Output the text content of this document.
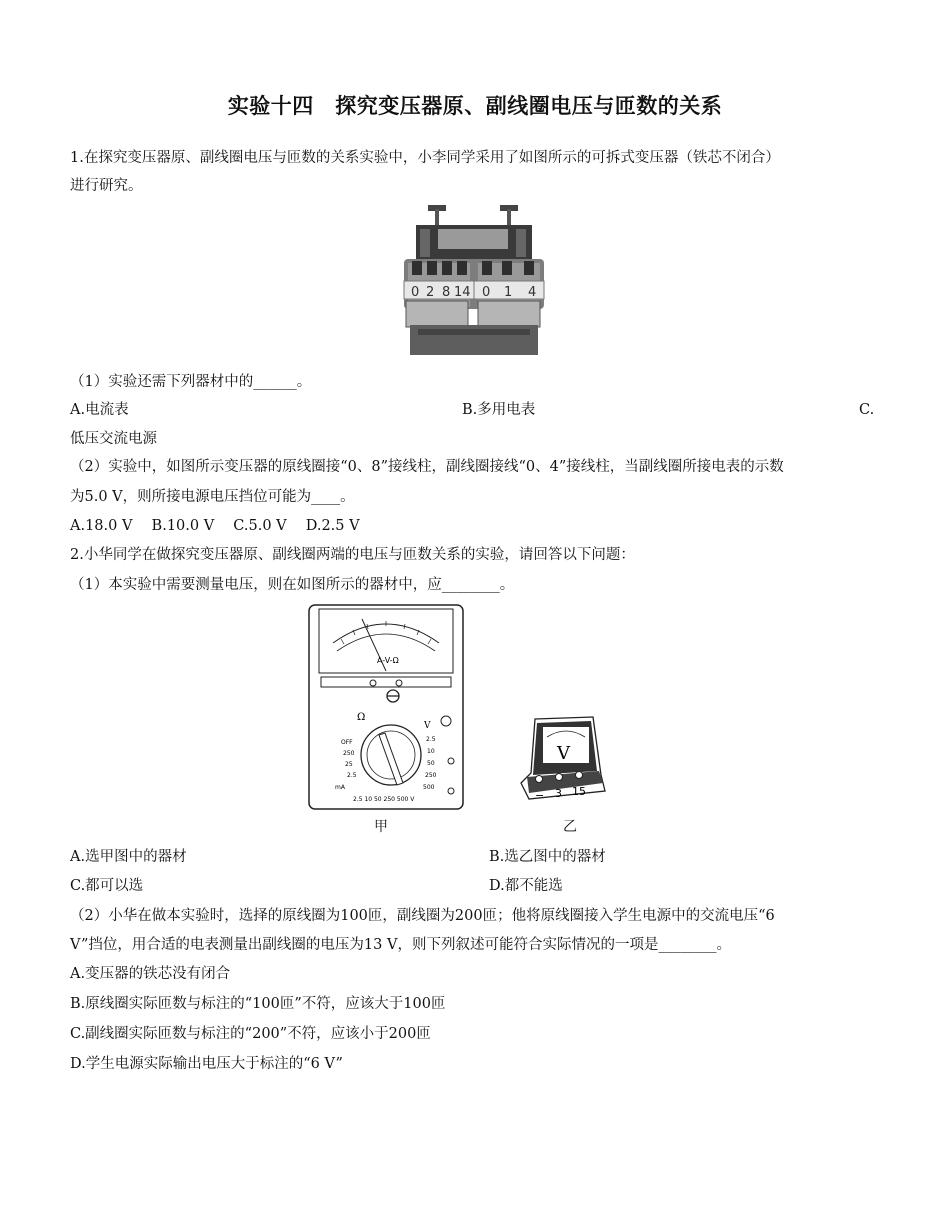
实验十四　探究变压器原、副线圈电压与匝数的关系
1.在探究变压器原、副线圈电压与匝数的关系实验中，小李同学采用了如图所示的可拆式变压器（铁芯不闭合）
进行研究。
0 2 8 14 0 1 4
（1）实验还需下列器材中的______。
A.电流表	B.多用电表	C.
低压交流电源
（2）实验中，如图所示变压器的原线圈接“0、8”接线柱，副线圈接线“0、4”接线柱，当副线圈所接电表的示数
为5.0 V，则所接电源电压挡位可能为____。
A.18.0 V　 B.10.0 V　 C.5.0 V　 D.2.5 V
2.小华同学在做探究变压器原、副线圈两端的电压与匝数关系的实验，请回答以下问题：
（1）本实验中需要测量电压，则在如图所示的器材中，应________。
A-V-Ω
Ω
V
OFF
250
25
2.5
2.5
10
50
250
500
mA
2.5 10 50 250 500 V
甲
V
− 3 15
乙
A.选甲图中的器材	B.选乙图中的器材
C.都可以选	D.都不能选
（2）小华在做本实验时，选择的原线圈为100匝，副线圈为200匝；他将原线圈接入学生电源中的交流电压“6
V”挡位，用合适的电表测量出副线圈的电压为13 V，则下列叙述可能符合实际情况的一项是________。
A.变压器的铁芯没有闭合
B.原线圈实际匝数与标注的“100匝”不符，应该大于100匝
C.副线圈实际匝数与标注的“200”不符，应该小于200匝
D.学生电源实际输出电压大于标注的“6 V”
